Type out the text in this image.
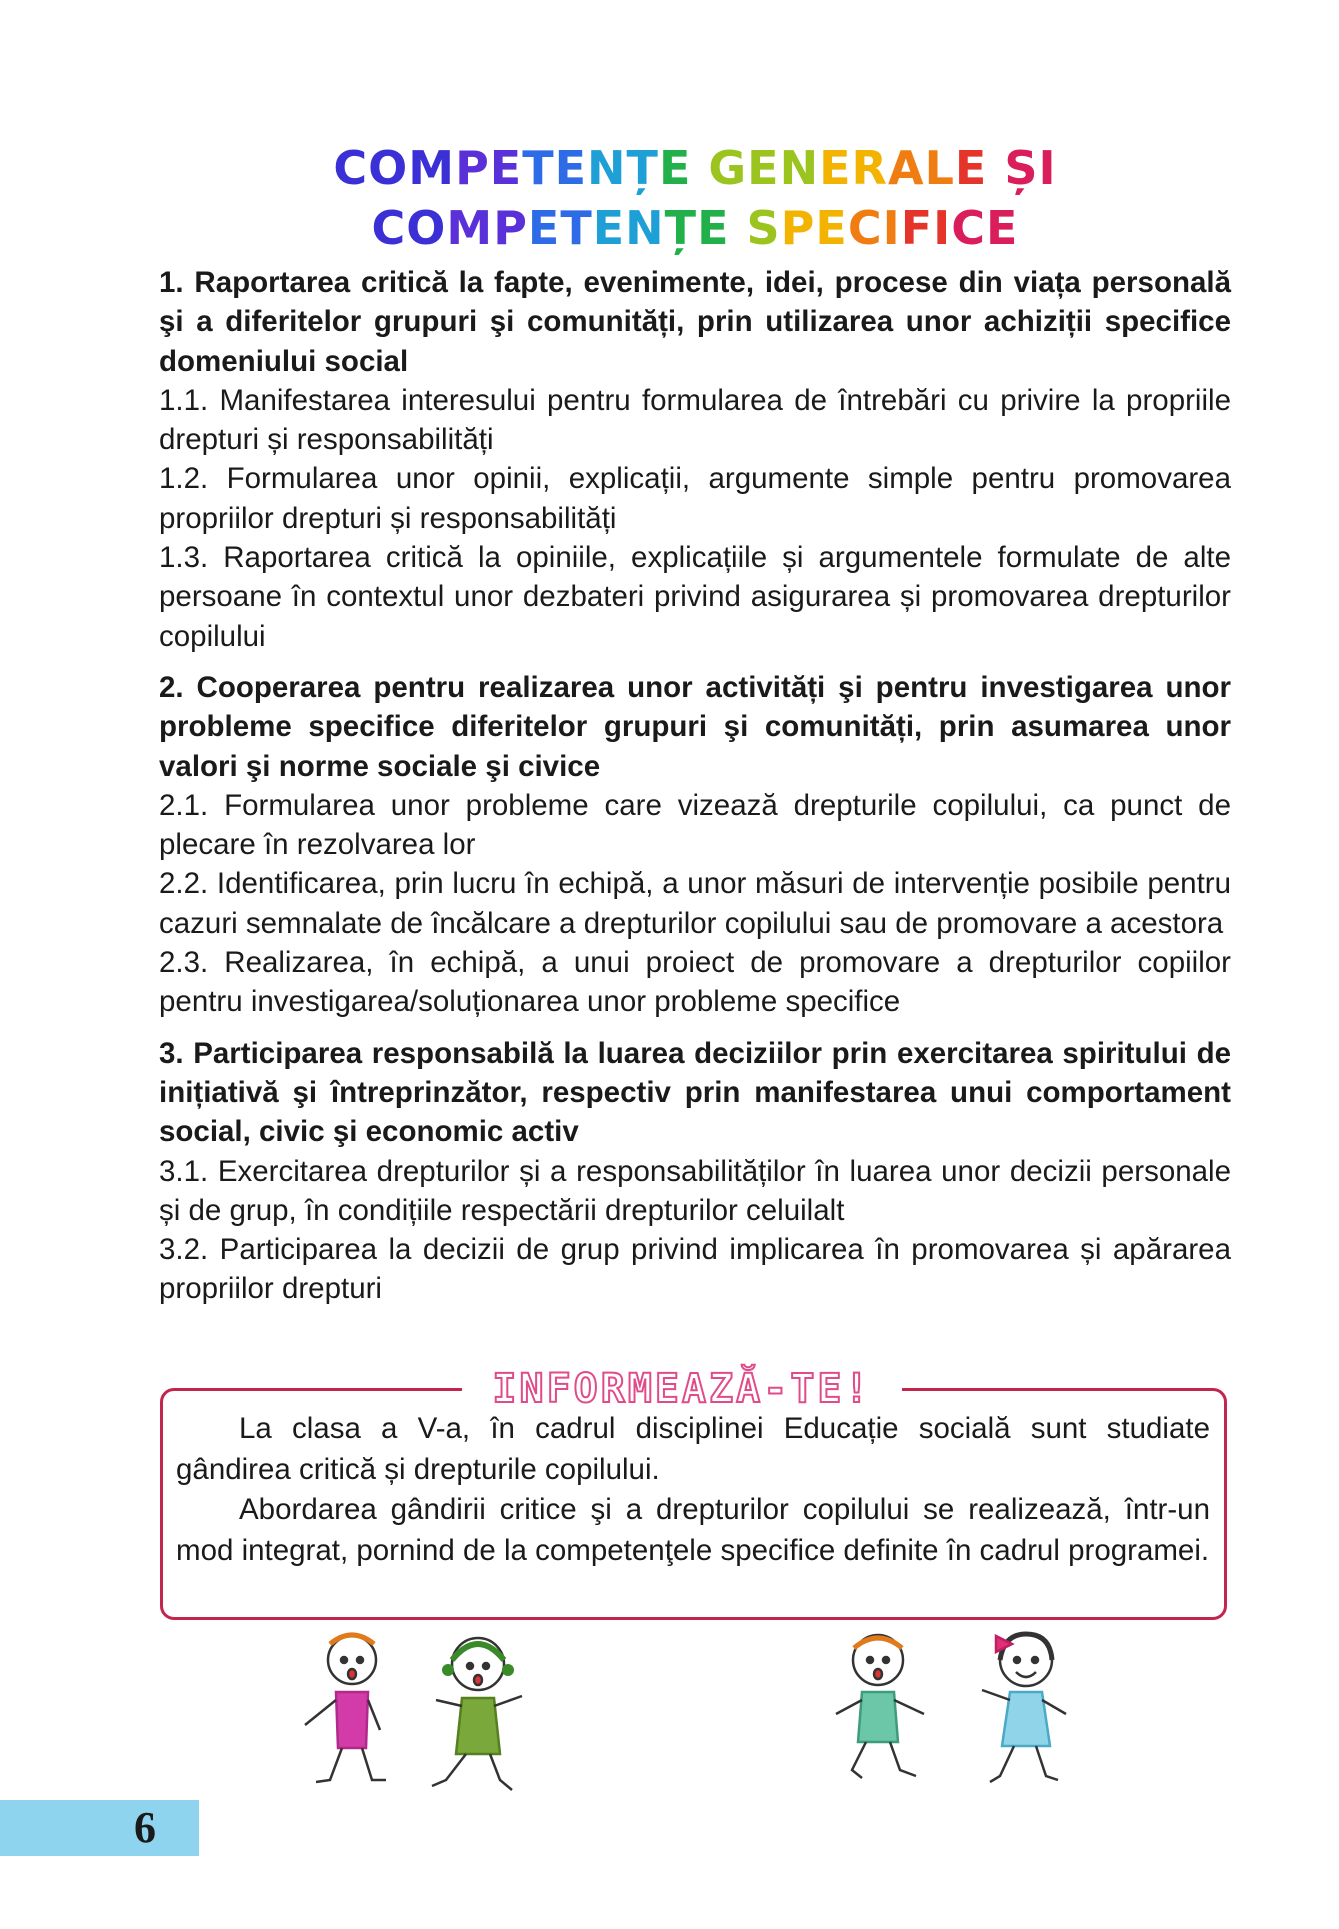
COMPETENȚE GENERALE ȘI
COMPETENȚE SPECIFICE

1. Raportarea critică la fapte, evenimente, idei, procese din viața personală şi a diferitelor grupuri şi comunități, prin utilizarea unor achiziții specifice domeniului social

1.1. Manifestarea interesului pentru formularea de întrebări cu privire la propriile drepturi și responsabilități

1.2. Formularea unor opinii, explicații, argumente simple pentru promovarea propriilor drepturi și responsabilități

1.3. Raportarea critică la opiniile, explicațiile și argumentele formulate de alte persoane în contextul unor dezbateri privind asigurarea și promovarea drepturilor copilului

2. Cooperarea pentru realizarea unor activități şi pentru investigarea unor probleme specifice diferitelor grupuri şi comunități, prin asumarea unor valori şi norme sociale şi civice

2.1. Formularea unor probleme care vizează drepturile copilului, ca punct de plecare în rezolvarea lor

2.2. Identificarea, prin lucru în echipă, a unor măsuri de intervenție posibile pentru cazuri semnalate de încălcare a drepturilor copilului sau de promovare a acestora

2.3. Realizarea, în echipă, a unui proiect de promovare a drepturilor copiilor pentru investigarea/soluționarea unor probleme specifice

3. Participarea responsabilă la luarea deciziilor prin exercitarea spiritului de inițiativă şi întreprinzător, respectiv prin manifestarea unui comportament social, civic şi economic activ

3.1. Exercitarea drepturilor și a responsabilităților în luarea unor decizii personale și de grup, în condițiile respectării drepturilor celuilalt

3.2. Participarea la decizii de grup privind implicarea în promovarea și apărarea propriilor drepturi

INFORMEAZĂ-TE!

La clasa a V-a, în cadrul disciplinei Educație socială sunt studiate gândirea critică și drepturile copilului.

Abordarea gândirii critice şi a drepturilor copilului se realizează, într-un mod integrat, pornind de la competenţele specifice definite în cadrul programei.

6
